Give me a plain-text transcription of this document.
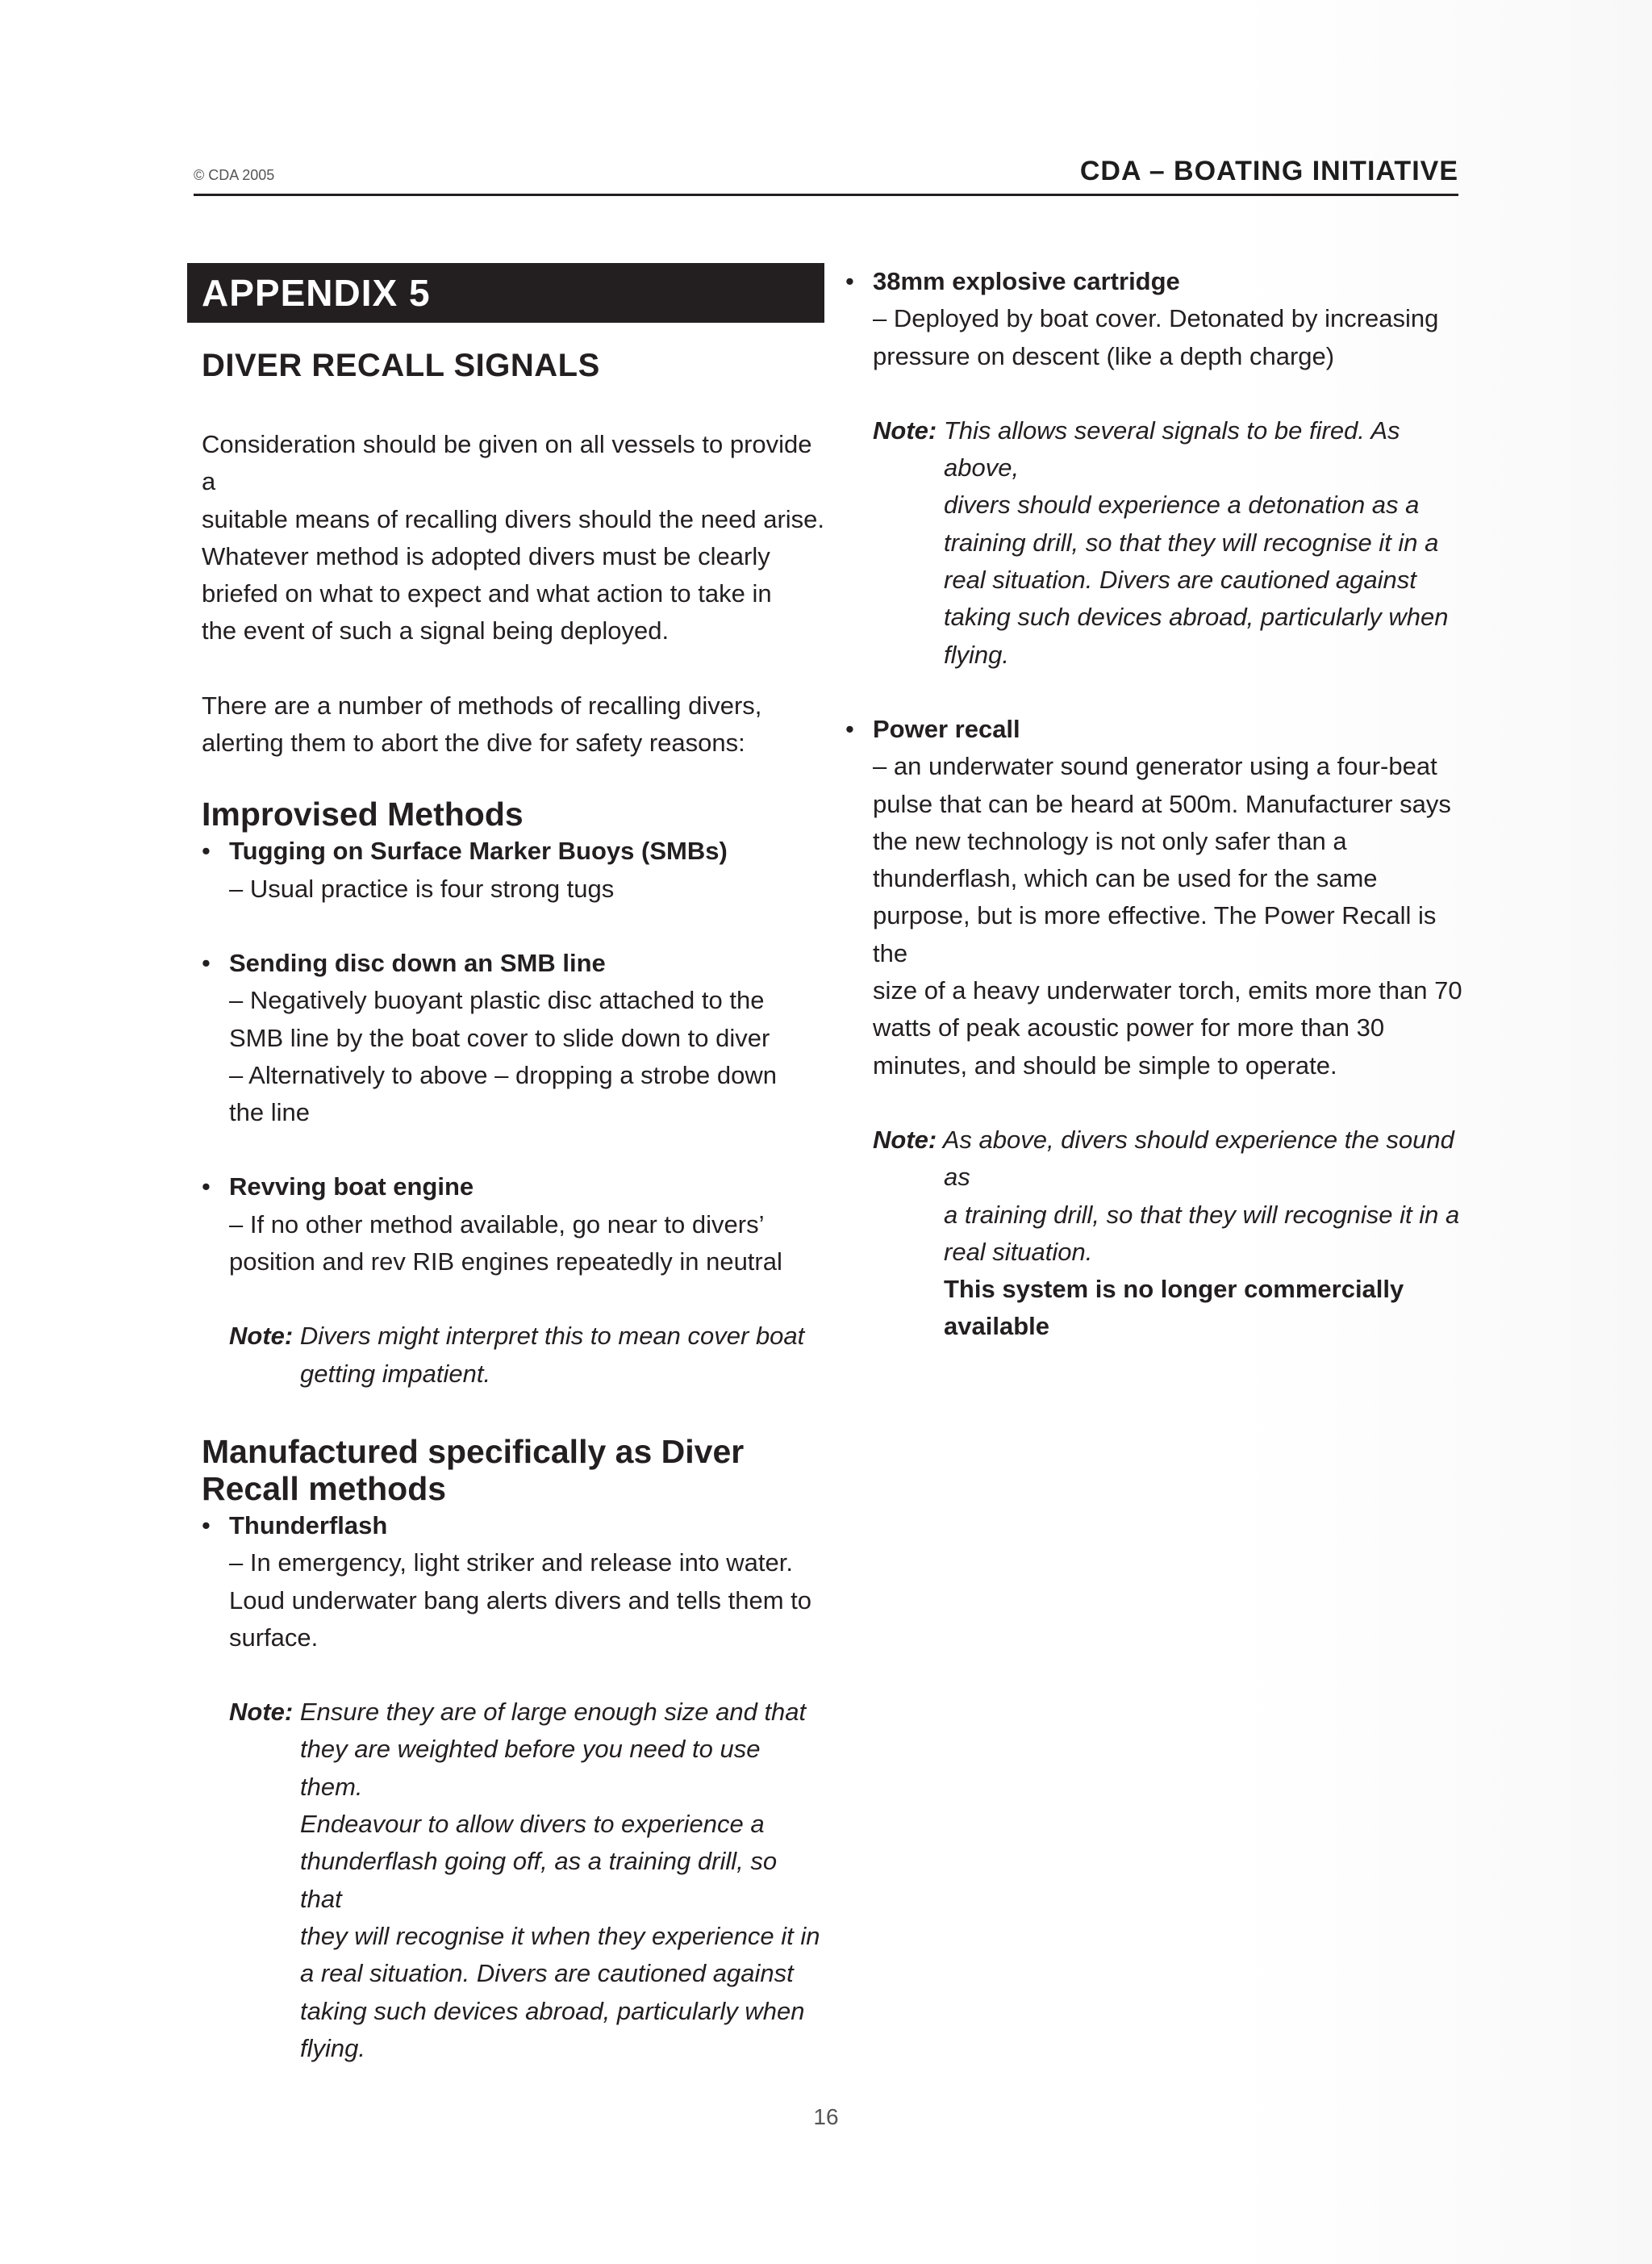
© CDA 2005	CDA – BOATING INITIATIVE
APPENDIX 5
DIVER RECALL SIGNALS

Consideration should be given on all vessels to provide a
suitable means of recalling divers should the need arise.
Whatever method is adopted divers must be clearly
briefed on what to expect and what action to take in
the event of such a signal being deployed.

There are a number of methods of recalling divers,
alerting them to abort the dive for safety reasons:

Improvised Methods
• Tugging on Surface Marker Buoys (SMBs)
– Usual practice is four strong tugs
• Sending disc down an SMB line
– Negatively buoyant plastic disc attached to the
SMB line by the boat cover to slide down to diver
– Alternatively to above – dropping a strobe down
the line
• Revving boat engine
– If no other method available, go near to divers’
position and rev RIB engines repeatedly in neutral
Note: Divers might interpret this to mean cover boat
getting impatient.
Manufactured specifically as Diver
Recall methods
• Thunderflash
– In emergency, light striker and release into water.
Loud underwater bang alerts divers and tells them to
surface.
Note: Ensure they are of large enough size and that
they are weighted before you need to use them.
Endeavour to allow divers to experience a
thunderflash going off, as a training drill, so that
they will recognise it when they experience it in
a real situation. Divers are cautioned against
taking such devices abroad, particularly when
flying.
• 38mm explosive cartridge
– Deployed by boat cover. Detonated by increasing
pressure on descent (like a depth charge)
Note: This allows several signals to be fired. As above,
divers should experience a detonation as a
training drill, so that they will recognise it in a
real situation. Divers are cautioned against
taking such devices abroad, particularly when
flying.
• Power recall
– an underwater sound generator using a four-beat
pulse that can be heard at 500m. Manufacturer says
the new technology is not only safer than a
thunderflash, which can be used for the same
purpose, but is more effective. The Power Recall is the
size of a heavy underwater torch, emits more than 70
watts of peak acoustic power for more than 30
minutes, and should be simple to operate.
Note: As above, divers should experience the sound as
a training drill, so that they will recognise it in a
real situation.
This system is no longer commercially
available
16
